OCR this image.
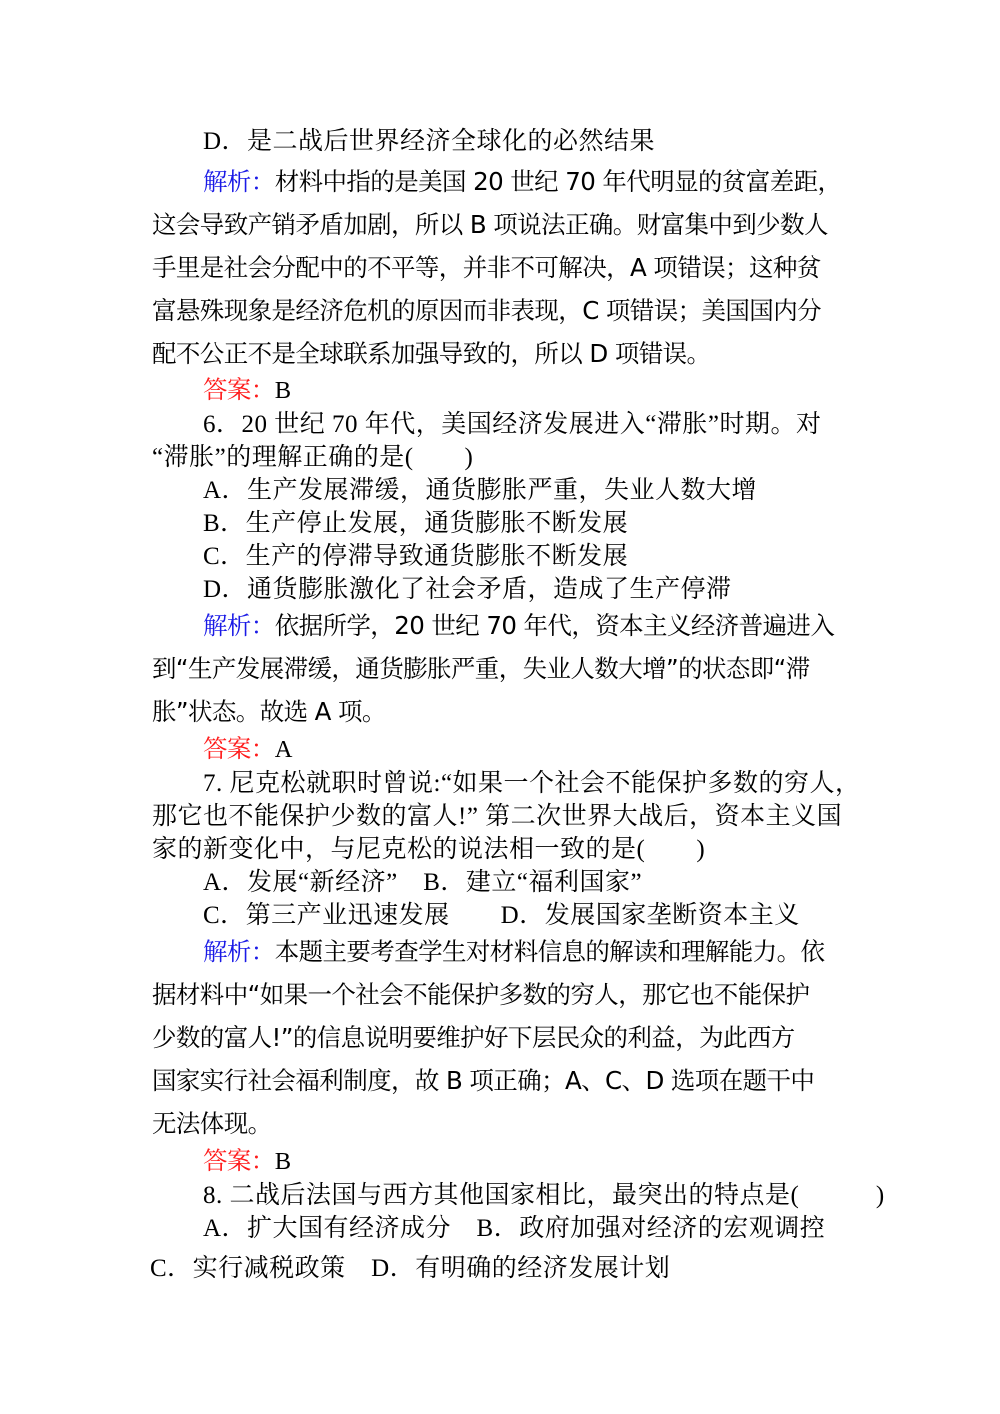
D．是二战后世界经济全球化的必然结果
解析：材料中指的是美国 20 世纪 70 年代明显的贫富差距，
这会导致产销矛盾加剧，所以 B 项说法正确。财富集中到少数人
手里是社会分配中的不平等，并非不可解决，A 项错误；这种贫
富悬殊现象是经济危机的原因而非表现，C 项错误；美国国内分
配不公正不是全球联系加强导致的，所以 D 项错误。
答案：B
6．20 世纪 70 年代，美国经济发展进入“滞胀”时期。对
“滞胀”的理解正确的是(　　)
A．生产发展滞缓，通货膨胀严重，失业人数大增
B．生产停止发展，通货膨胀不断发展
C．生产的停滞导致通货膨胀不断发展
D．通货膨胀激化了社会矛盾，造成了生产停滞
解析：依据所学，20 世纪 70 年代，资本主义经济普遍进入
到“生产发展滞缓，通货膨胀严重，失业人数大增”的状态即“滞
胀”状态。故选 A 项。
答案：A
7. 尼克松就职时曾说:“如果一个社会不能保护多数的穷人，
那它也不能保护少数的富人!” 第二次世界大战后，资本主义国
家的新变化中，与尼克松的说法相一致的是(　　)
A．发展“新经济”　B．建立“福利国家”
C．第三产业迅速发展　　D．发展国家垄断资本主义
解析：本题主要考查学生对材料信息的解读和理解能力。依
据材料中“如果一个社会不能保护多数的穷人，那它也不能保护
少数的富人!”的信息说明要维护好下层民众的利益，为此西方
国家实行社会福利制度，故 B 项正确；A、C、D 选项在题干中
无法体现。
答案：B
8. 二战后法国与西方其他国家相比，最突出的特点是(　　　)
A．扩大国有经济成分　B．政府加强对经济的宏观调控
C．实行减税政策　D．有明确的经济发展计划
